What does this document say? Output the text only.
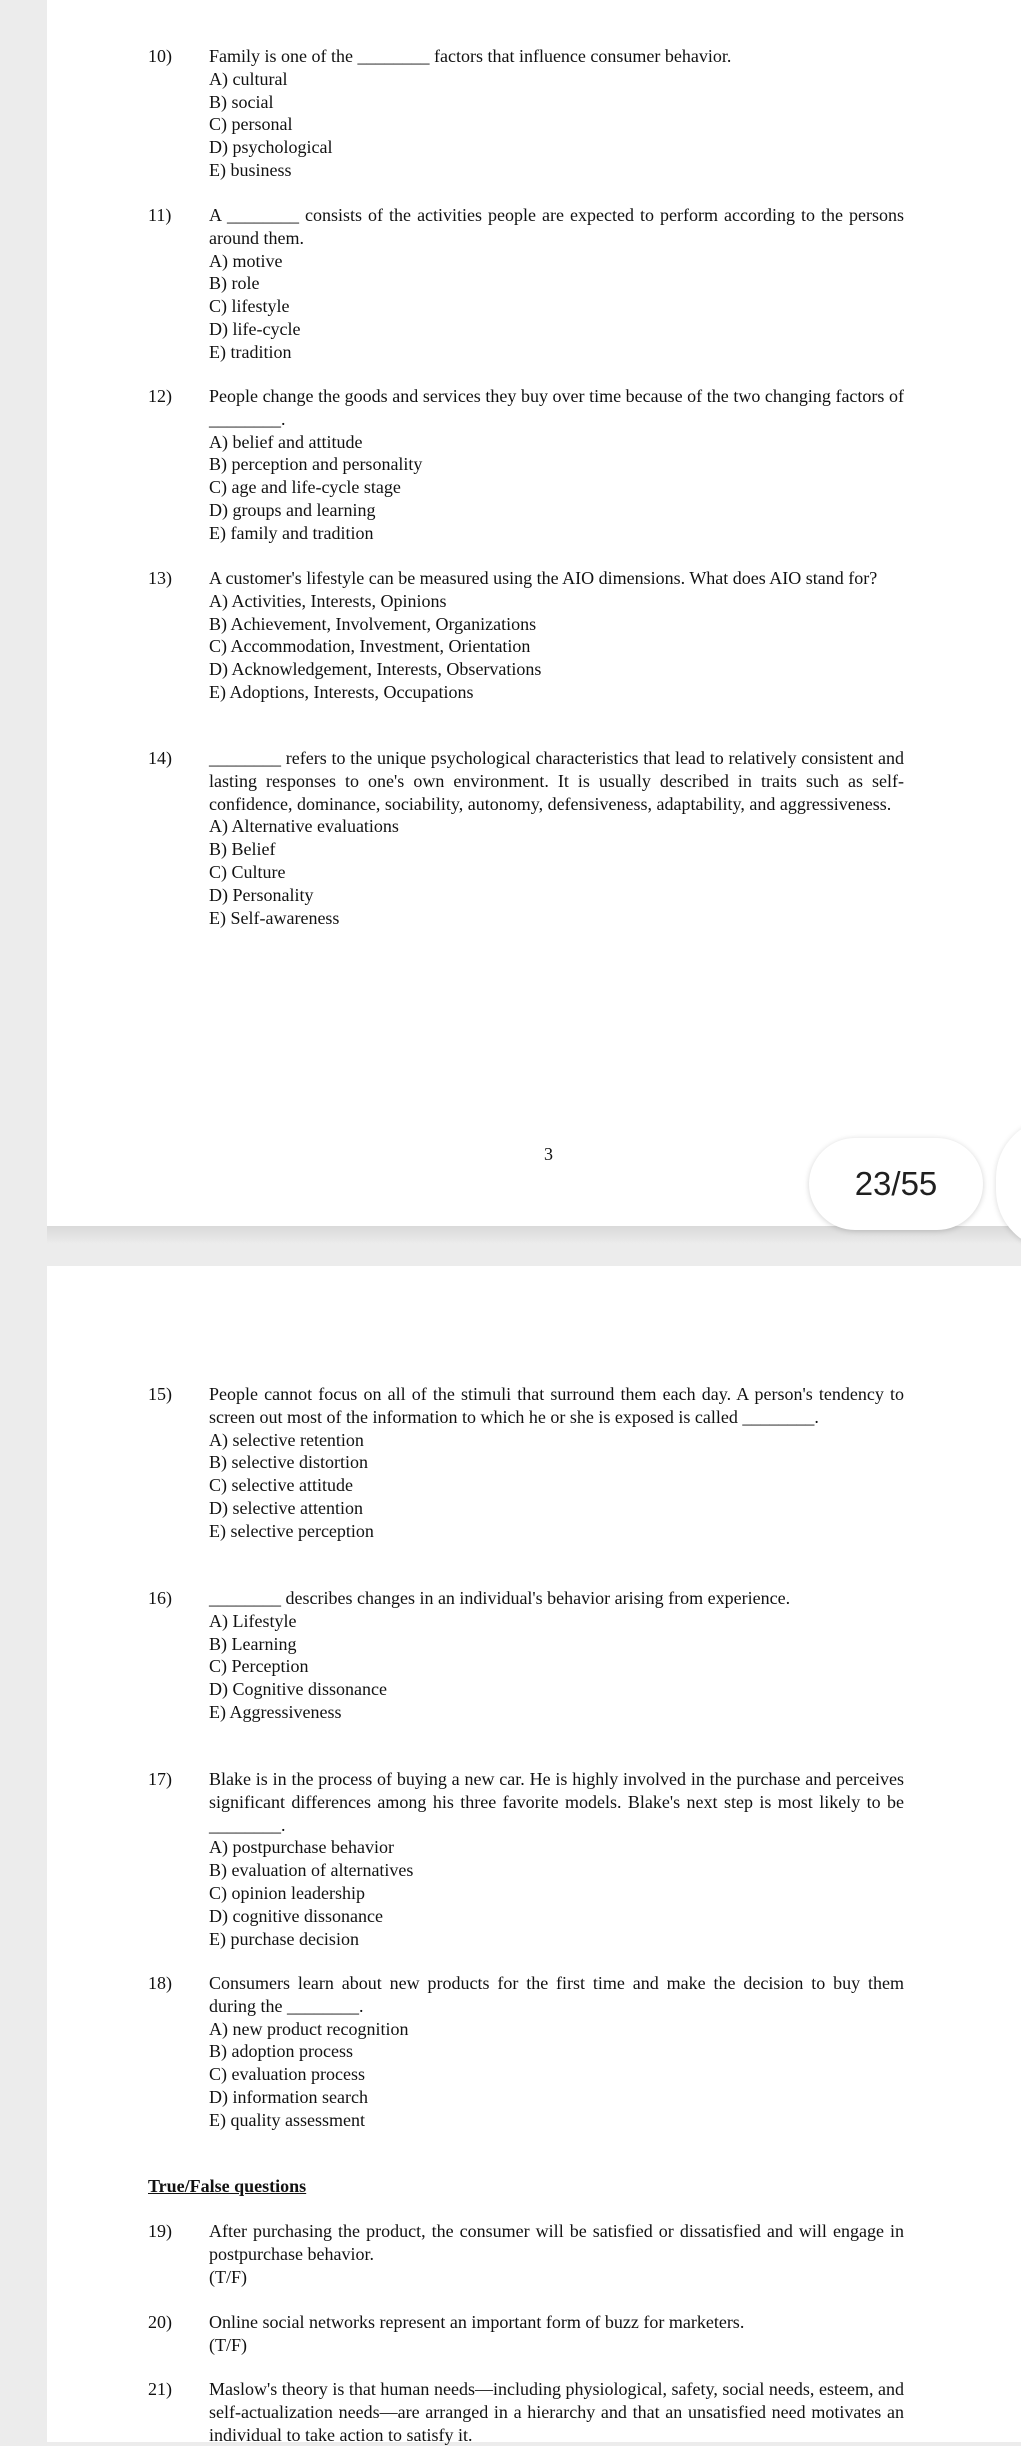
10) Family is one of the ________ factors that influence consumer behavior.
A) cultural
B) social
C) personal
D) psychological
E) business
11) A ________ consists of the activities people are expected to perform according to the persons around them.
A) motive
B) role
C) lifestyle
D) life-cycle
E) tradition
12) People change the goods and services they buy over time because of the two changing factors of ________.
A) belief and attitude
B) perception and personality
C) age and life-cycle stage
D) groups and learning
E) family and tradition
13) A customer's lifestyle can be measured using the AIO dimensions. What does AIO stand for?
A) Activities, Interests, Opinions
B) Achievement, Involvement, Organizations
C) Accommodation, Investment, Orientation
D) Acknowledgement, Interests, Observations
E) Adoptions, Interests, Occupations
14) ________ refers to the unique psychological characteristics that lead to relatively consistent and lasting responses to one's own environment. It is usually described in traits such as self-confidence, dominance, sociability, autonomy, defensiveness, adaptability, and aggressiveness.
A) Alternative evaluations
B) Belief
C) Culture
D) Personality
E) Self-awareness
3
23/55
15) People cannot focus on all of the stimuli that surround them each day. A person's tendency to screen out most of the information to which he or she is exposed is called ________.
A) selective retention
B) selective distortion
C) selective attitude
D) selective attention
E) selective perception
16) ________ describes changes in an individual's behavior arising from experience.
A) Lifestyle
B) Learning
C) Perception
D) Cognitive dissonance
E) Aggressiveness
17) Blake is in the process of buying a new car. He is highly involved in the purchase and perceives significant differences among his three favorite models. Blake's next step is most likely to be ________.
A) postpurchase behavior
B) evaluation of alternatives
C) opinion leadership
D) cognitive dissonance
E) purchase decision
18) Consumers learn about new products for the first time and make the decision to buy them during the ________.
A) new product recognition
B) adoption process
C) evaluation process
D) information search
E) quality assessment
True/False questions
19) After purchasing the product, the consumer will be satisfied or dissatisfied and will engage in postpurchase behavior.
(T/F)
20) Online social networks represent an important form of buzz for marketers.
(T/F)
21) Maslow's theory is that human needs—including physiological, safety, social needs, esteem, and self-actualization needs—are arranged in a hierarchy and that an unsatisfied need motivates an individual to take action to satisfy it.
